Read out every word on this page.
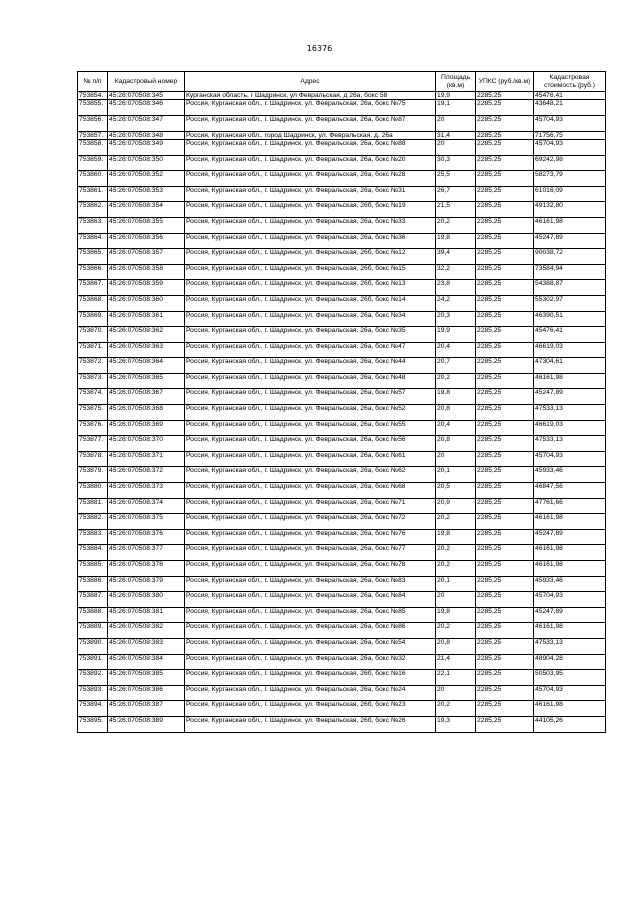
16376
№ п/п	Кадастровый номер	Адрес	Площадь (кв.м)	УПКС (руб./кв.м)	Кадастровая стоимость (руб.)
753854.	45:26:070508:345	Курганская область, г Шадринск, ул Февральская, д 26а, бокс 58	19,9	2285,25	45476,41
753855.	45:26:070508:346	Россия, Курганская обл., г. Шадринск, ул. Февральская, 26а, бокс №75	19,1	2285,25	43648,21
753856.	45:26:070508:347	Россия, Курганская обл., г. Шадринск, ул. Февральская, 26а, бокс №87	20	2285,25	45704,93
753857.	45:26:070508:348	Россия, Курганская обл., город Шадринск, ул. Февральская, д. 26а	31,4	2285,25	71756,75
753858.	45:26:070508:349	Россия, Курганская обл., г. Шадринск, ул. Февральская, 26а, бокс №88	20	2285,25	45704,93
753859.	45:26:070508:350	Россия, Курганская обл., г. Шадринск, ул. Февральская, 26а, бокс №20	30,3	2285,25	69242,98
753860.	45:26:070508:352	Россия, Курганская обл., г. Шадринск, ул. Февральская, 26а, бокс №28	25,5	2285,25	58273,79
753861.	45:26:070508:353	Россия, Курганская обл., г. Шадринск, ул. Февральская, 26а, бокс №31	26,7	2285,25	61016,09
753862.	45:26:070508:354	Россия, Курганская обл., г. Шадринск, ул. Февральская, 26б, бокс №19	21,5	2285,25	49132,80
753863.	45:26:070508:355	Россия, Курганская обл., г. Шадринск, ул. Февральская, 26а, бокс №33	20,2	2285,25	46161,98
753864.	45:26:070508:356	Россия, Курганская обл., г. Шадринск, ул. Февральская, 26а, бокс №36	19,8	2285,25	45247,89
753865.	45:26:070508:357	Россия, Курганская обл., г. Шадринск, ул. Февральская, 26б, бокс №12	39,4	2285,25	90038,72
753866.	45:26:070508:358	Россия, Курганская обл., г. Шадринск, ул. Февральская, 26б, бокс №15	32,2	2285,25	73584,94
753867.	45:26:070508:359	Россия, Курганская обл., г. Шадринск, ул. Февральская, 26б, бокс №13	23,8	2285,25	54388,87
753868.	45:26:070508:360	Россия, Курганская обл., г. Шадринск, ул. Февральская, 26б, бокс №14	24,2	2285,25	55302,97
753869.	45:26:070508:361	Россия, Курганская обл., г. Шадринск, ул. Февральская, 26а, бокс №34	20,3	2285,25	46390,51
753870.	45:26:070508:362	Россия, Курганская обл., г. Шадринск, ул. Февральская, 26а, бокс №35	19,9	2285,25	45476,41
753871.	45:26:070508:363	Россия, Курганская обл., г. Шадринск, ул. Февральская, 26а, бокс №47	20,4	2285,25	46619,03
753872.	45:26:070508:364	Россия, Курганская обл., г. Шадринск, ул. Февральская, 26а, бокс №44	20,7	2285,25	47304,61
753873.	45:26:070508:365	Россия, Курганская обл., г. Шадринск, ул. Февральская, 26а, бокс №48	20,2	2285,25	46161,98
753874.	45:26:070508:367	Россия, Курганская обл., г. Шадринск, ул. Февральская, 26а, бокс №57	19,8	2285,25	45247,89
753875.	45:26:070508:368	Россия, Курганская обл., г. Шадринск, ул. Февральская, 26а, бокс №52	20,8	2285,25	47533,13
753876.	45:26:070508:369	Россия, Курганская обл., г. Шадринск, ул. Февральская, 26а, бокс №55	20,4	2285,25	46619,03
753877.	45:26:070508:370	Россия, Курганская обл., г. Шадринск, ул. Февральская, 26а, бокс №56	20,8	2285,25	47533,13
753878.	45:26:070508:371	Россия, Курганская обл., г. Шадринск, ул. Февральская, 26а, бокс №61	20	2285,25	45704,93
753879.	45:26:070508:372	Россия, Курганская обл., г. Шадринск, ул. Февральская, 26а, бокс №62	20,1	2285,25	45933,46
753880.	45:26:070508:373	Россия, Курганская обл., г. Шадринск, ул. Февральская, 26а, бокс №68	20,5	2285,25	46847,56
753881.	45:26:070508:374	Россия, Курганская обл., г. Шадринск, ул. Февральская, 26а, бокс №71	20,9	2285,25	47761,66
753882.	45:26:070508:375	Россия, Курганская обл., г. Шадринск, ул. Февральская, 26а, бокс №72	20,2	2285,25	46161,98
753883.	45:26:070508:376	Россия, Курганская обл., г. Шадринск, ул. Февральская, 26а, бокс №76	19,8	2285,25	45247,89
753884.	45:26:070508:377	Россия, Курганская обл., г. Шадринск, ул. Февральская, 26а, бокс №77	20,2	2285,25	46161,98
753885.	45:26:070508:378	Россия, Курганская обл., г. Шадринск, ул. Февральская, 26а, бокс №78	20,2	2285,25	46161,98
753886.	45:26:070508:379	Россия, Курганская обл., г. Шадринск, ул. Февральская, 26а, бокс №83	20,1	2285,25	45933,46
753887.	45:26:070508:380	Россия, Курганская обл., г. Шадринск, ул. Февральская, 26а, бокс №84	20	2285,25	45704,93
753888.	45:26:070508:381	Россия, Курганская обл., г. Шадринск, ул. Февральская, 26а, бокс №85	19,8	2285,25	45247,89
753889.	45:26:070508:382	Россия, Курганская обл., г. Шадринск, ул. Февральская, 26а, бокс №86	20,2	2285,25	46161,98
753890.	45:26:070508:383	Россия, Курганская обл., г. Шадринск, ул. Февральская, 26а, бокс №54	20,8	2285,25	47533,13
753891.	45:26:070508:384	Россия, Курганская обл., г. Шадринск, ул. Февральская, 26а, бокс №32	21,4	2285,25	48904,28
753892.	45:26:070508:385	Россия, Курганская обл., г. Шадринск, ул. Февральская, 26б, бокс №16	22,1	2285,25	50503,95
753893.	45:26:070508:386	Россия, Курганская обл., г. Шадринск, ул. Февральская, 26а, бокс №24	20	2285,25	45704,93
753894.	45:26:070508:387	Россия, Курганская обл., г. Шадринск, ул. Февральская, 26б, бокс №23	20,2	2285,25	46161,98
753895.	45:26:070508:389	Россия, Курганская обл., г. Шадринск, ул. Февральская, 26б, бокс №26	19,3	2285,25	44105,26
